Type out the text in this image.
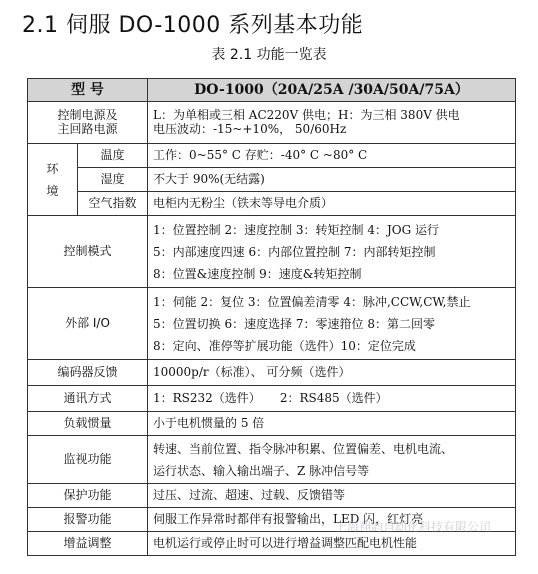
2.1 伺服 DO-1000 系列基本功能
表 2.1 功能一览表
型 号		DO-1000（20A/25A /30A/50A/75A）

控制电源及
主回路电源		L：为单相或三相 AC220V 供电；H：为三相 380V 供电
电压波动：-15~+10%， 50/60Hz

环
境	温度	工作：0~55° C 存贮：-40° C ~80° C
	湿度	不大于 90%(无结露)
	空气指数	电柜内无粉尘（铁末等导电介质）
控制模式		1：位置控制 2：速度控制 3：转矩控制 4：JOG 运行
5：内部速度四速 6：内部位置控制 7：内部转矩控制
8：位置&速度控制 9：速度&转矩控制

外部 I/O		1：伺能 2：复位 3：位置偏差清零 4：脉冲,CCW,CW,禁止
5：位置切换 6：速度选择 7：零速箝位 8：第二回零
8：定向、准停等扩展功能（选件）10：定位完成

编码器反馈		10000p/r（标准）、 可分频（选件）
通讯方式		1：RS232（选件）     2：RS485（选件）
负载惯量		小于电机惯量的 5 倍
监视功能		转速、当前位置、指令脉冲积累、位置偏差、电机电流、
运行状态、输入输出端子、Z 脉冲信号等

保护功能		过压、过流、超速、过载、反馈错等
报警功能		伺服工作异常时都伴有报警输出，LED 闪，红灯亮
增益调整		电机运行或停止时可以进行增益调整匹配电机性能
上海翔韵自动化科技有限公司
